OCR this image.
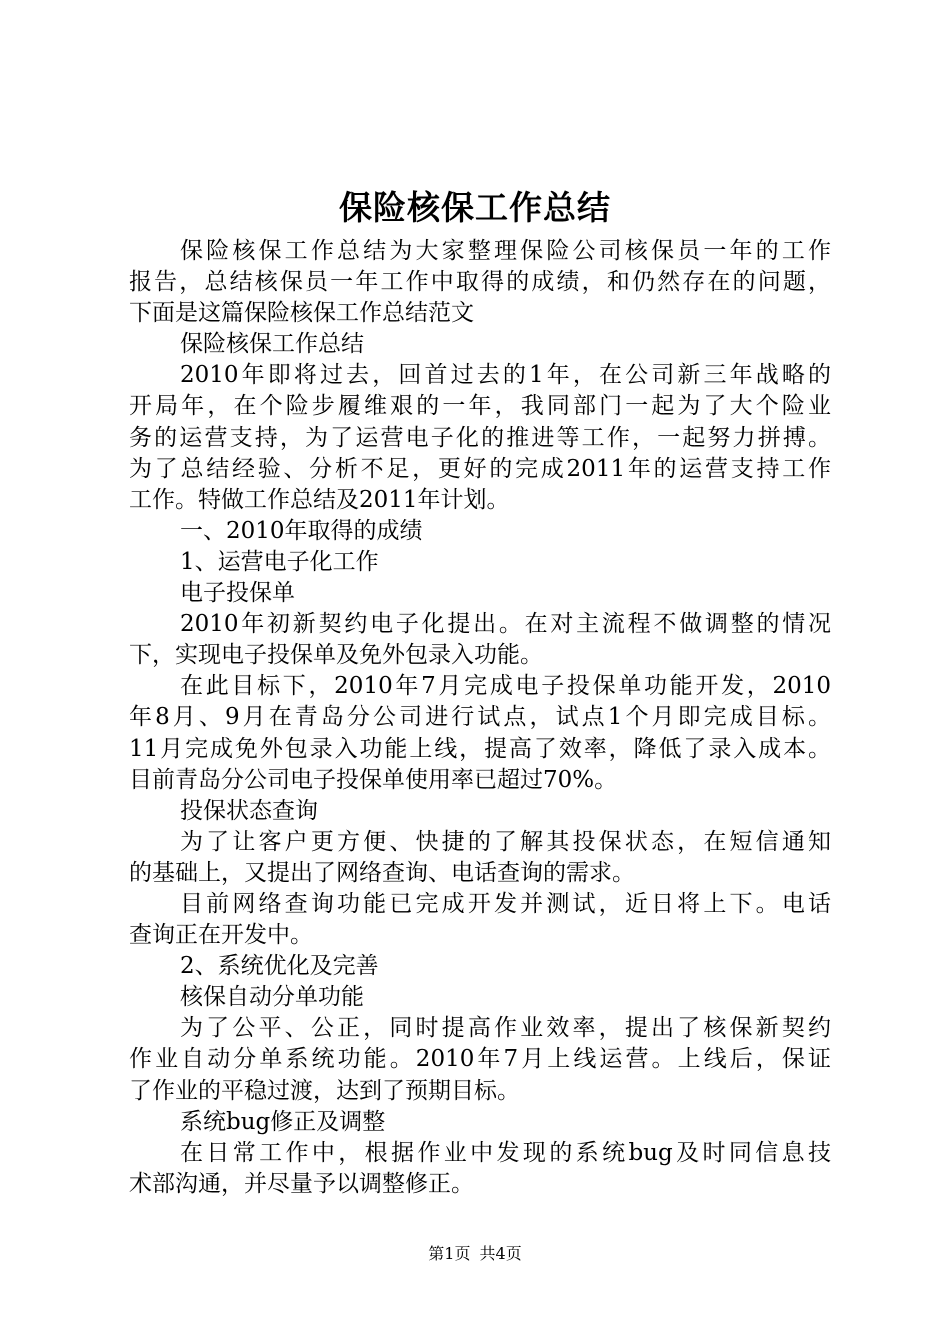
保险核保工作总结
保险核保工作总结为大家整理保险公司核保员一年的工作
报告，总结核保员一年工作中取得的成绩，和仍然存在的问题，
下面是这篇保险核保工作总结范文
保险核保工作总结
2010年即将过去，回首过去的1年，在公司新三年战略的
开局年，在个险步履维艰的一年，我同部门一起为了大个险业
务的运营支持，为了运营电子化的推进等工作，一起努力拼搏。
为了总结经验、分析不足，更好的完成2011年的运营支持工作
工作。特做工作总结及2011年计划。
一、2010年取得的成绩
1、运营电子化工作
电子投保单
2010年初新契约电子化提出。在对主流程不做调整的情况
下，实现电子投保单及免外包录入功能。
在此目标下，2010年7月完成电子投保单功能开发，2010
年8月、9月在青岛分公司进行试点，试点1个月即完成目标。
11月完成免外包录入功能上线，提高了效率，降低了录入成本。
目前青岛分公司电子投保单使用率已超过70%。
投保状态查询
为了让客户更方便、快捷的了解其投保状态，在短信通知
的基础上，又提出了网络查询、电话查询的需求。
目前网络查询功能已完成开发并测试，近日将上下。电话
查询正在开发中。
2、系统优化及完善
核保自动分单功能
为了公平、公正，同时提高作业效率，提出了核保新契约
作业自动分单系统功能。2010年7月上线运营。上线后，保证
了作业的平稳过渡，达到了预期目标。
系统bug修正及调整
在日常工作中，根据作业中发现的系统bug及时同信息技
术部沟通，并尽量予以调整修正。
第1页 共4页
